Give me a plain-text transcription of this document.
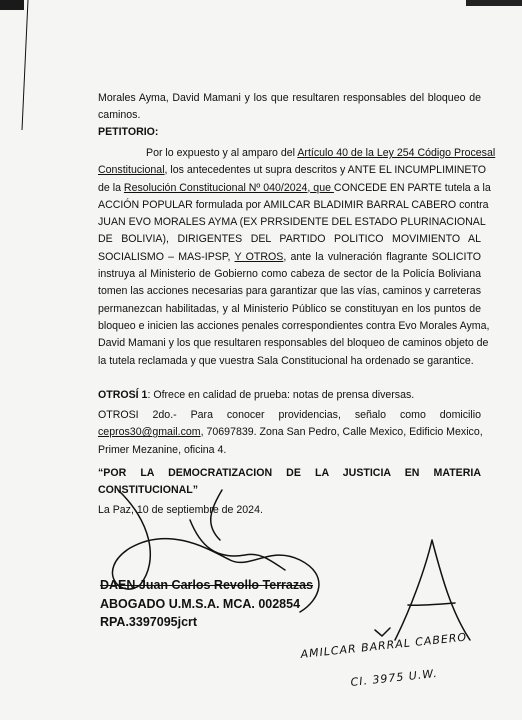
Morales Ayma, David Mamani y los que resultaren responsables del bloqueo de
caminos.
PETITORIO:
Por lo expuesto y al amparo del Artículo 40 de la Ley 254 Código Procesal
Constitucional, los antecedentes ut supra descritos y ANTE EL INCUMPLIMINETO
de la Resolución Constitucional Nº 040/2024, que CONCEDE EN PARTE tutela a la
ACCIÓN POPULAR formulada por AMILCAR BLADIMIR BARRAL CABERO contra
JUAN EVO MORALES AYMA (EX PRRSIDENTE DEL ESTADO PLURINACIONAL
DE BOLIVIA), DIRIGENTES DEL PARTIDO POLITICO MOVIMIENTO AL
SOCIALISMO – MAS-IPSP, Y OTROS, ante la vulneración flagrante SOLICITO
instruya al Ministerio de Gobierno como cabeza de sector de la Policía Boliviana
tomen las acciones necesarias para garantizar que las vías, caminos y carreteras
permanezcan habilitadas, y al Ministerio Público se constituyan en los puntos de
bloqueo e inicien las acciones penales correspondientes contra Evo Morales Ayma,
David Mamani y los que resultaren responsables del bloqueo de caminos objeto de
la tutela reclamada y que vuestra Sala Constitucional ha ordenado se garantice.
OTROSÍ 1: Ofrece en calidad de prueba: notas de prensa diversas.
OTROSI 2do.- Para conocer providencias, señalo como domicilio
cepros30@gmail.com, 70697839. Zona San Pedro, Calle Mexico, Edificio Mexico,
Primer Mezanine, oficina 4.
“POR LA DEMOCRATIZACION DE LA JUSTICIA EN MATERIA
CONSTITUCIONAL”
La Paz, 10 de septiembre de 2024.
DAEN Juan Carlos Revollo Terrazas
ABOGADO U.M.S.A. MCA. 002854
RPA.3397095jcrt
AMILCAR BARRAL CABERO
CI. 3975 U.W.
